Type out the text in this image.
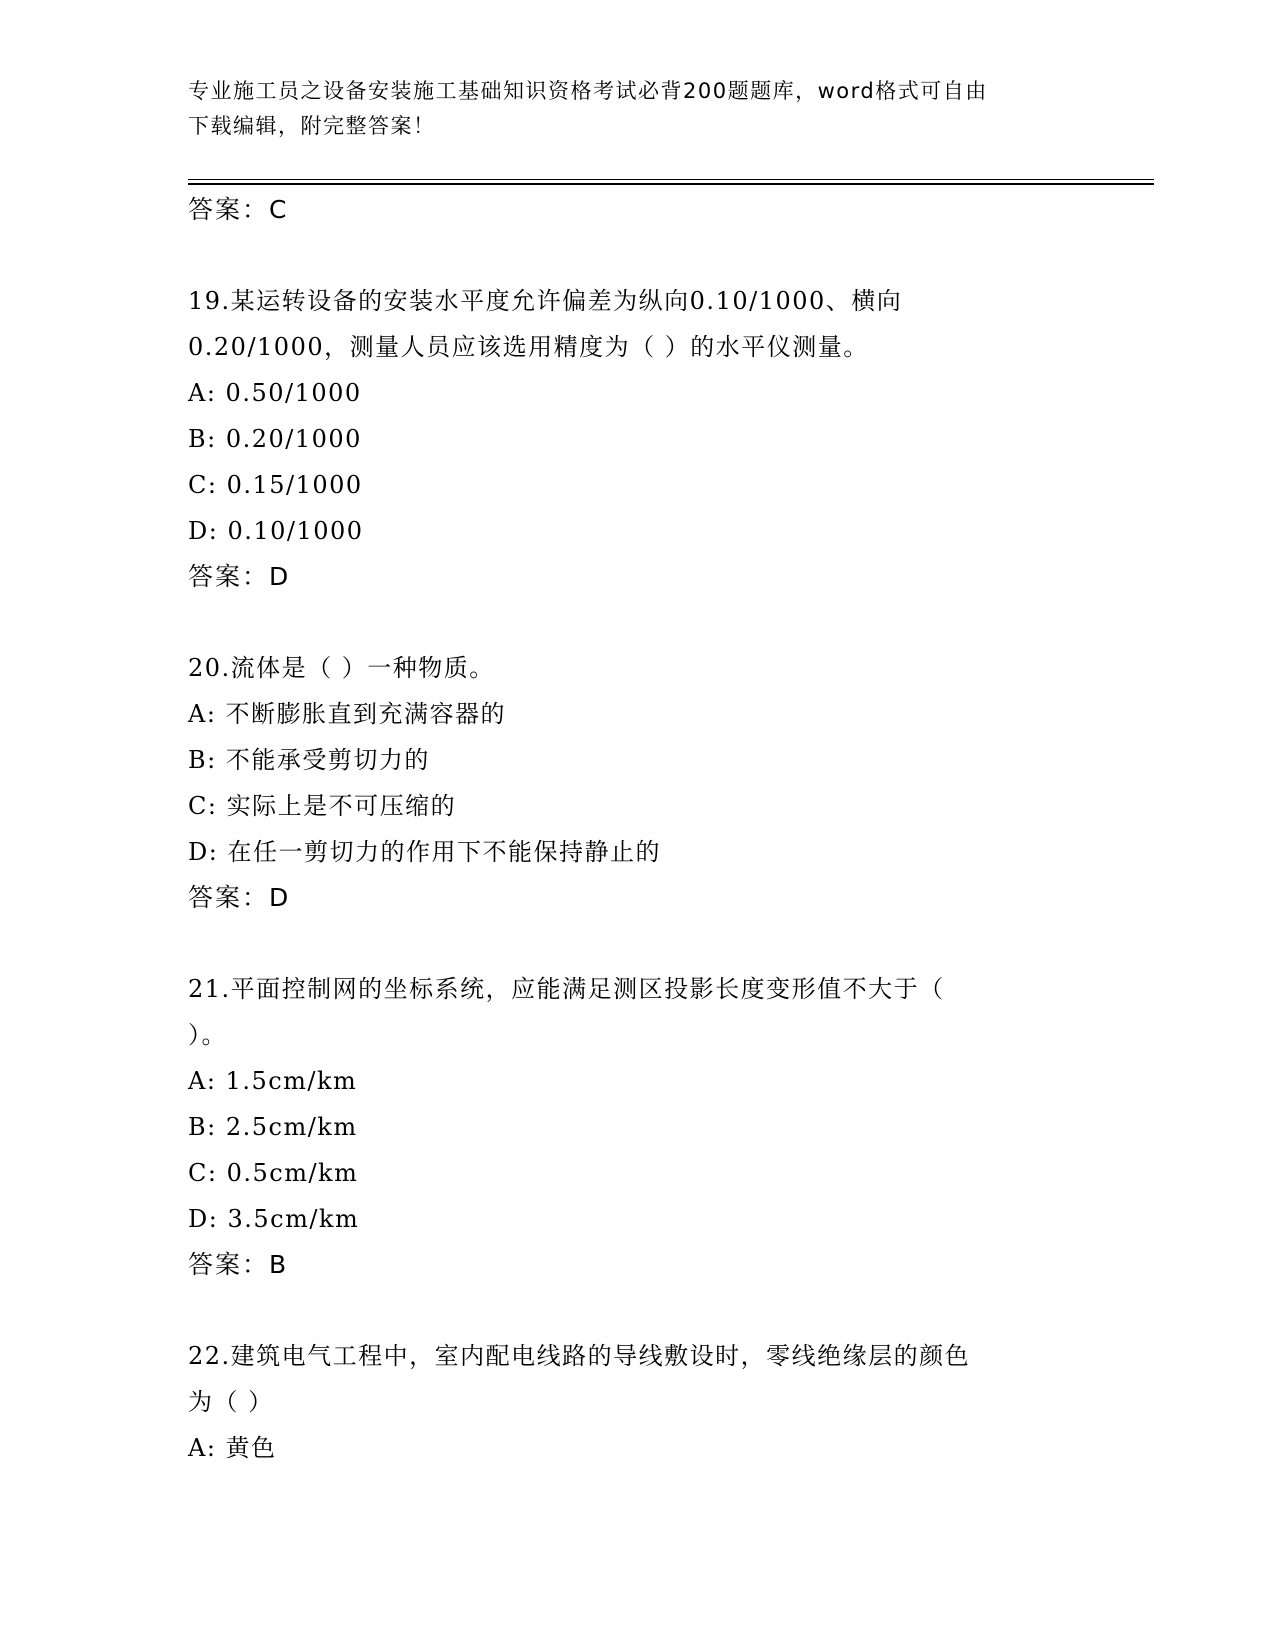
专业施工员之设备安装施工基础知识资格考试必背200题题库，word格式可自由
下载编辑，附完整答案！
答案：C
19.某运转设备的安装水平度允许偏差为纵向0.10/1000、横向
0.20/1000，测量人员应该选用精度为（ ）的水平仪测量。
A: 0.50/1000
B: 0.20/1000
C: 0.15/1000
D: 0.10/1000
答案：D
20.流体是（ ）一种物质。
A: 不断膨胀直到充满容器的
B: 不能承受剪切力的
C: 实际上是不可压缩的
D: 在任一剪切力的作用下不能保持静止的
答案：D
21.平面控制网的坐标系统，应能满足测区投影长度变形值不大于（
）。
A: 1.5cm/km
B: 2.5cm/km
C: 0.5cm/km
D: 3.5cm/km
答案：B
22.建筑电气工程中，室内配电线路的导线敷设时，零线绝缘层的颜色
为（ ）
A: 黄色
